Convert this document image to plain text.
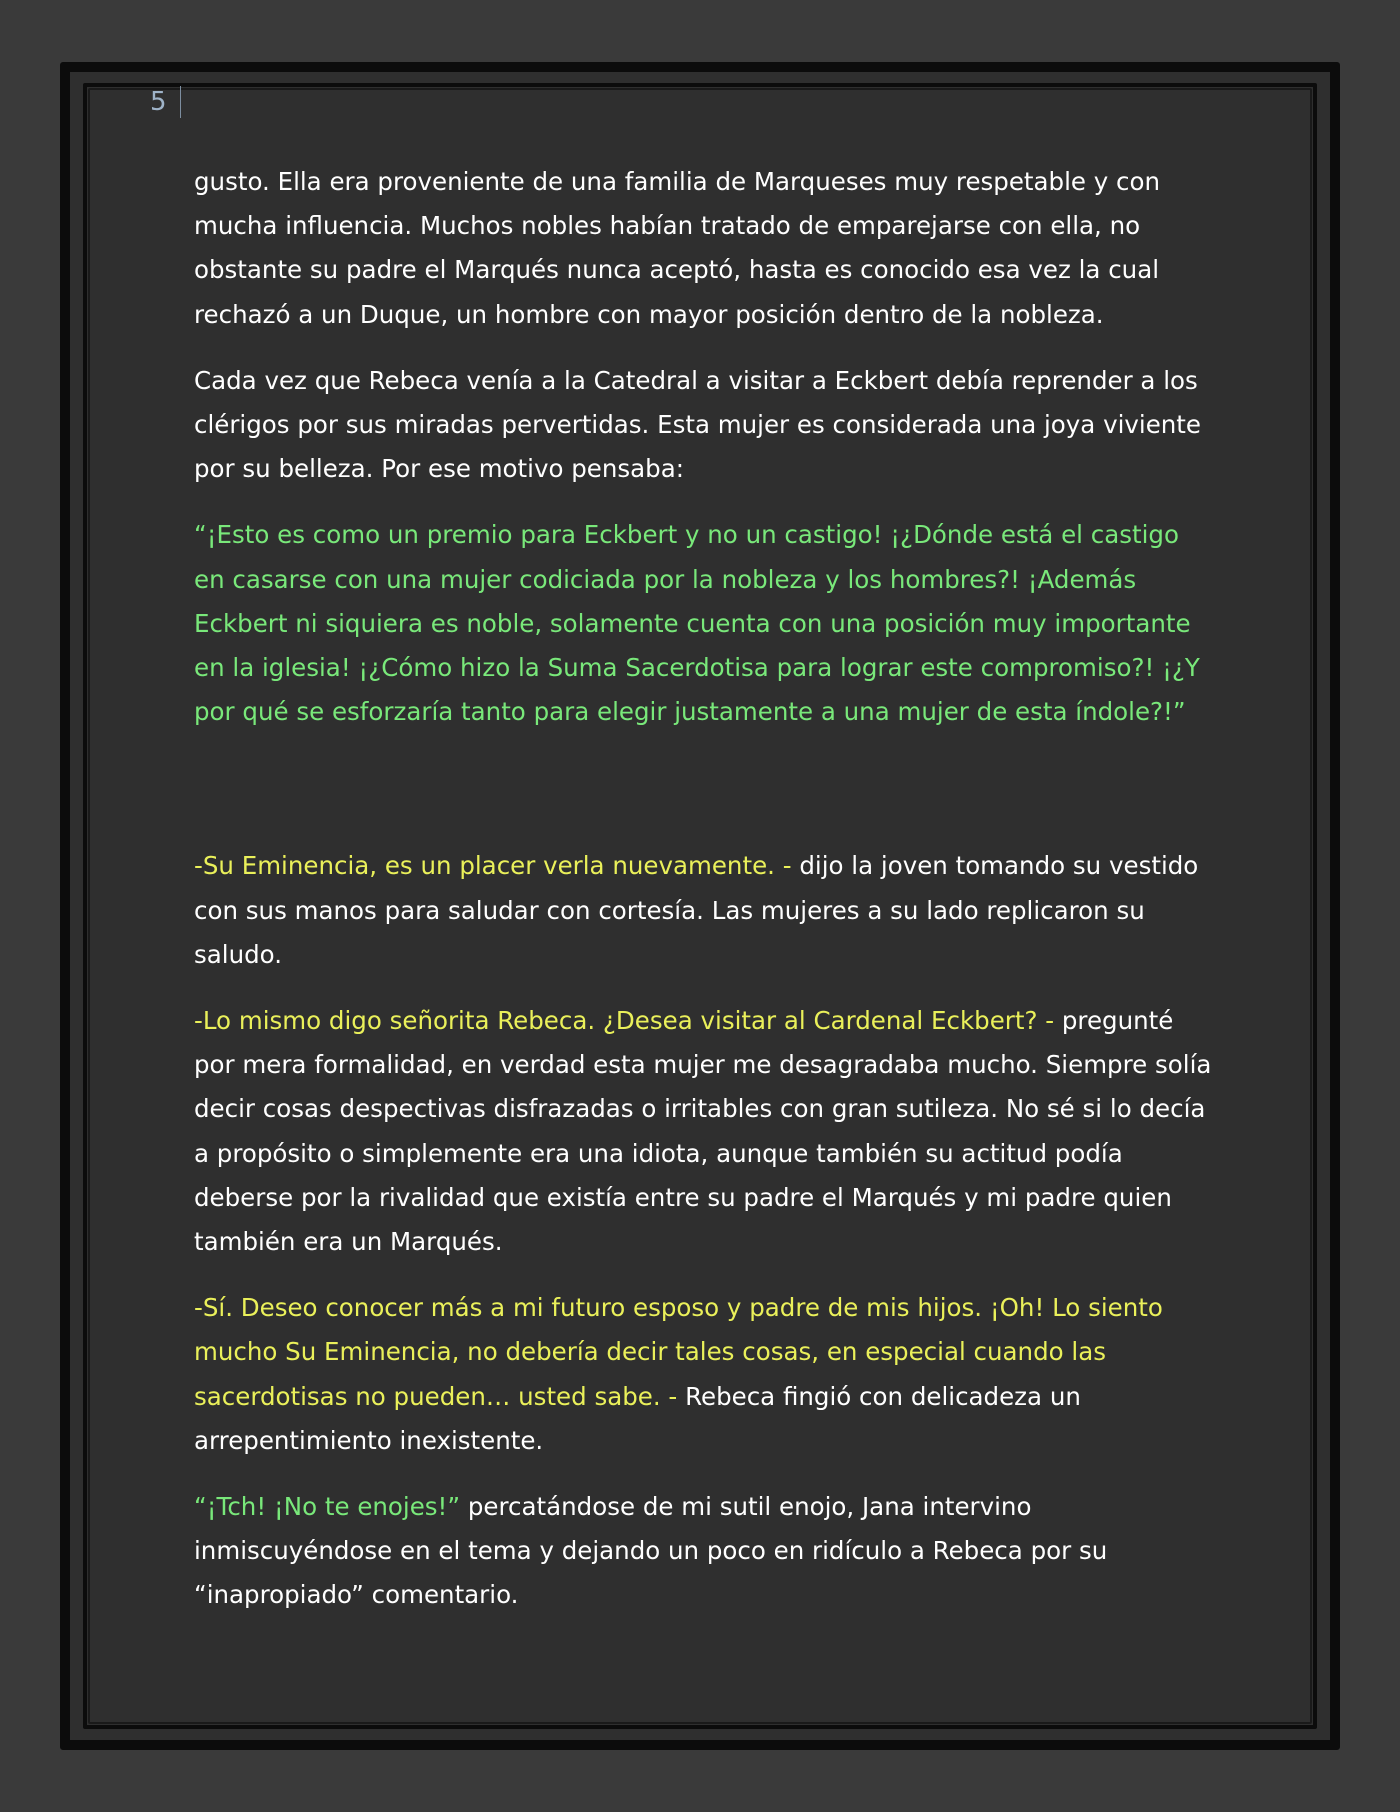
5

gusto. Ella era proveniente de una familia de Marqueses muy respetable y con mucha influencia. Muchos nobles habían tratado de emparejarse con ella, no obstante su padre el Marqués nunca aceptó, hasta es conocido esa vez la cual rechazó a un Duque, un hombre con mayor posición dentro de la nobleza.

Cada vez que Rebeca venía a la Catedral a visitar a Eckbert debía reprender a los clérigos por sus miradas pervertidas. Esta mujer es considerada una joya viviente por su belleza. Por ese motivo pensaba:

“¡Esto es como un premio para Eckbert y no un castigo! ¡¿Dónde está el castigo en casarse con una mujer codiciada por la nobleza y los hombres?! ¡Además Eckbert ni siquiera es noble, solamente cuenta con una posición muy importante en la iglesia! ¡¿Cómo hizo la Suma Sacerdotisa para lograr este compromiso?! ¡¿Y por qué se esforzaría tanto para elegir justamente a una mujer de esta índole?!”

-Su Eminencia, es un placer verla nuevamente. - dijo la joven tomando su vestido con sus manos para saludar con cortesía. Las mujeres a su lado replicaron su saludo.

-Lo mismo digo señorita Rebeca. ¿Desea visitar al Cardenal Eckbert? - pregunté por mera formalidad, en verdad esta mujer me desagradaba mucho. Siempre solía decir cosas despectivas disfrazadas o irritables con gran sutileza. No sé si lo decía a propósito o simplemente era una idiota, aunque también su actitud podía deberse por la rivalidad que existía entre su padre el Marqués y mi padre quien también era un Marqués.

-Sí. Deseo conocer más a mi futuro esposo y padre de mis hijos. ¡Oh! Lo siento mucho Su Eminencia, no debería decir tales cosas, en especial cuando las sacerdotisas no pueden… usted sabe. - Rebeca fingió con delicadeza un arrepentimiento inexistente.

“¡Tch! ¡No te enojes!” percatándose de mi sutil enojo, Jana intervino inmiscuyéndose en el tema y dejando un poco en ridículo a Rebeca por su “inapropiado” comentario.
